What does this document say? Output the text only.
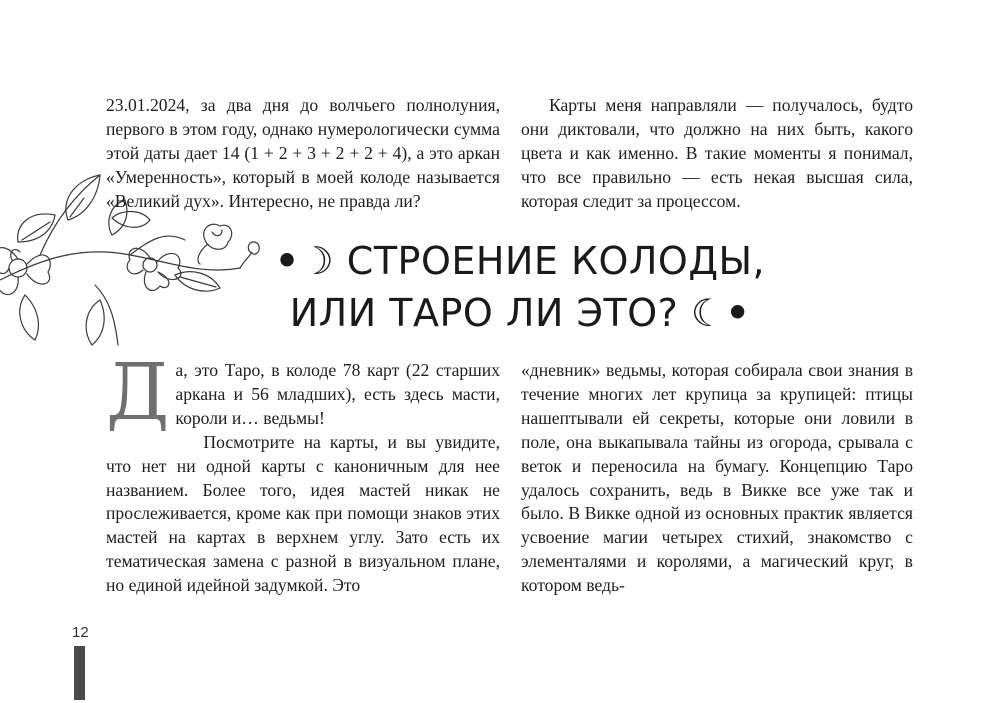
23.01.2024, за два дня до волчьего полнолуния, первого в этом году, однако нумерологически сумма этой даты дает 14 (1 + 2 + 3 + 2 + 2 + 4), а это аркан «Умеренность», который в моей колоде называется «Великий дух». Интересно, не правда ли?

Карты меня направляли — получалось, будто они диктовали, что должно на них быть, какого цвета и как именно. В такие моменты я понимал, что все правильно — есть некая высшая сила, которая следит за процессом.

•☽ СТРОЕНИЕ КОЛОДЫ,
ИЛИ ТАРО ЛИ ЭТО? ☾•
Д а, это Таро, в колоде 78 карт (22 старших аркана и 56 младших), есть здесь масти, короли и… ведьмы!

Посмотрите на карты, и вы увидите, что нет ни одной карты с каноничным для нее названием. Более того, идея мастей никак не прослеживается, кроме как при помощи знаков этих мастей на картах в верхнем углу. Зато есть их тематическая замена с разной в визуальном плане, но единой идейной задумкой. Это

«дневник» ведьмы, которая собирала свои знания в течение многих лет крупица за крупицей: птицы нашептывали ей секреты, которые они ловили в поле, она выкапывала тайны из огорода, срывала с веток и переносила на бумагу. Концепцию Таро удалось сохранить, ведь в Викке все уже так и было. В Викке одной из основных практик является усвоение магии четырех стихий, знакомство с элементалями и королями, а магический круг, в котором ведь-

12
